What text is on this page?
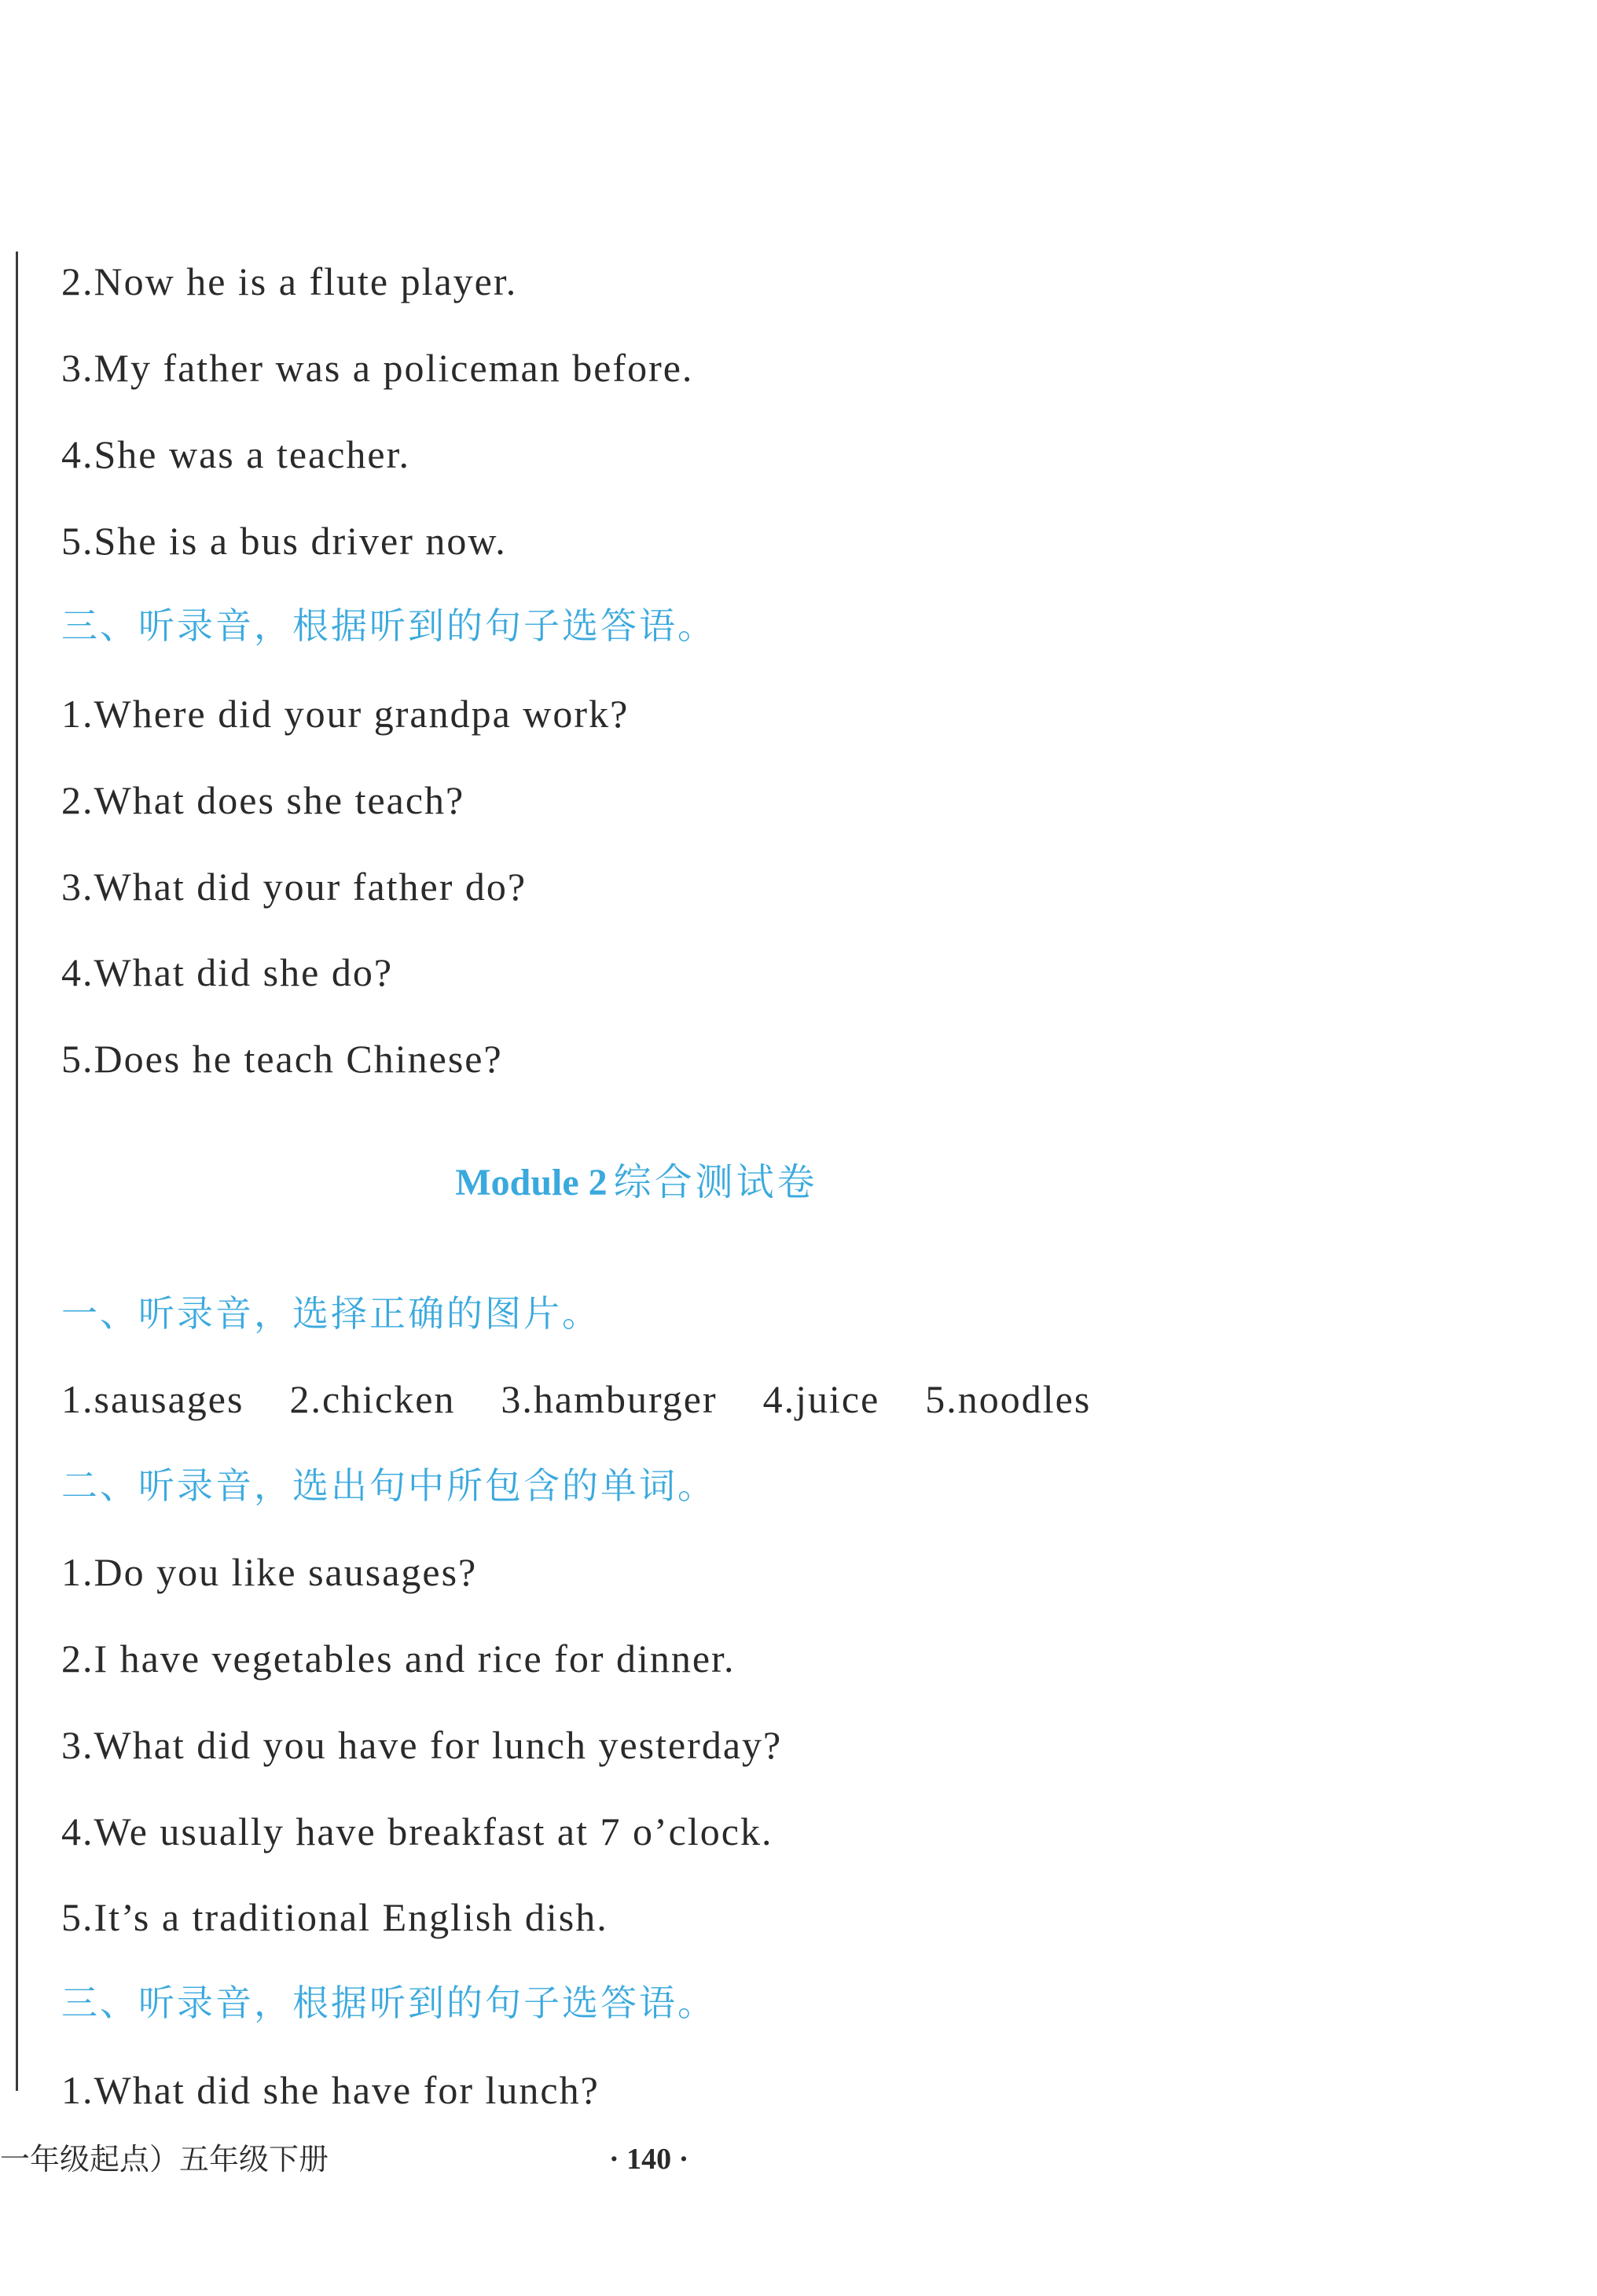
2.Now he is a flute player.
3.My father was a policeman before.
4.She was a teacher.
5.She is a bus driver now.
三、听录音，根据听到的句子选答语。
1.Where did your grandpa work?
2.What does she teach?
3.What did your father do?
4.What did she do?
5.Does he teach Chinese?
Module 2 综合测试卷
一、听录音，选择正确的图片。
1.sausages 2.chicken 3.hamburger 4.juice 5.noodles
二、听录音，选出句中所包含的单词。
1.Do you like sausages?
2.I have vegetables and rice for dinner.
3.What did you have for lunch yesterday?
4.We usually have breakfast at 7 o’clock.
5.It’s a traditional English dish.
三、听录音，根据听到的句子选答语。
1.What did she have for lunch?
一年级起点）五年级下册	· 140 ·
